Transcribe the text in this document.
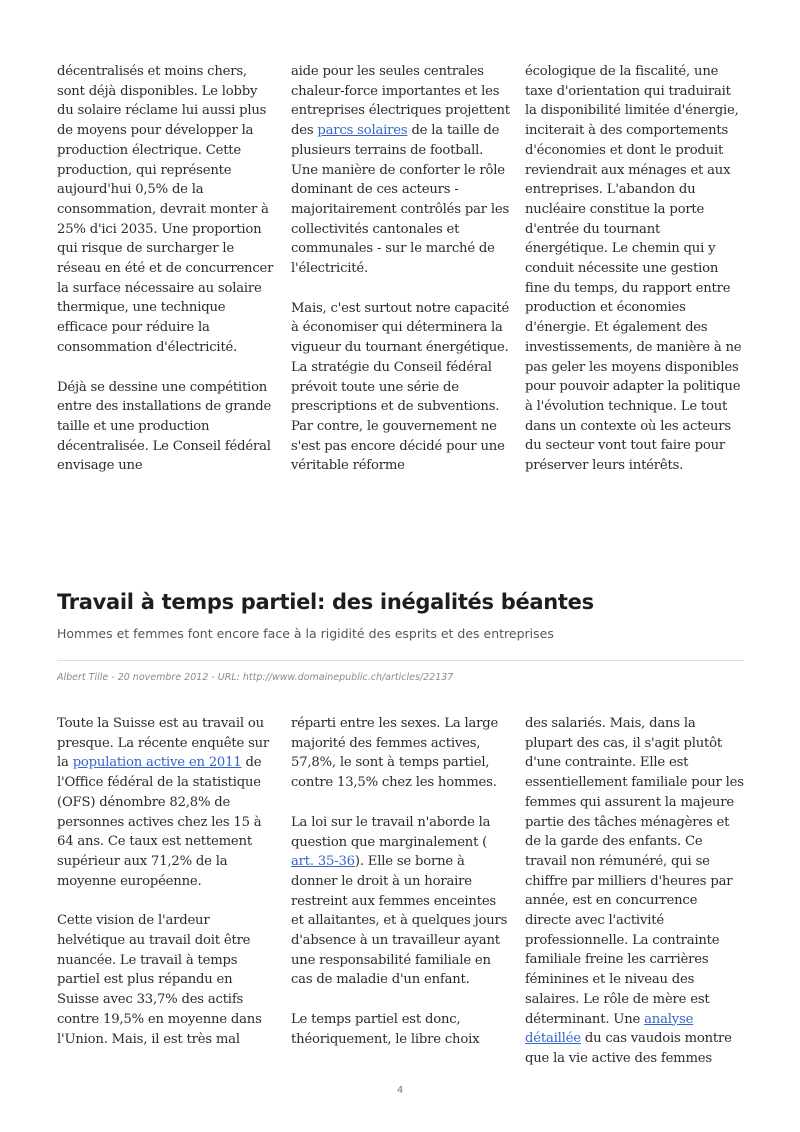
décentralisés et moins chers, sont déjà disponibles. Le lobby du solaire réclame lui aussi plus de moyens pour développer la production électrique. Cette production, qui représente aujourd'hui 0,5% de la consommation, devrait monter à 25% d'ici 2035. Une proportion qui risque de surcharger le réseau en été et de concurrencer la surface nécessaire au solaire thermique, une technique efficace pour réduire la consommation d'électricité.

Déjà se dessine une compétition entre des installations de grande taille et une production décentralisée. Le Conseil fédéral envisage une

aide pour les seules centrales chaleur-force importantes et les entreprises électriques projettent des parcs solaires de la taille de plusieurs terrains de football. Une manière de conforter le rôle dominant de ces acteurs - majoritairement contrôlés par les collectivités cantonales et communales - sur le marché de l'électricité.

Mais, c'est surtout notre capacité à économiser qui déterminera la vigueur du tournant énergétique. La stratégie du Conseil fédéral prévoit toute une série de prescriptions et de subventions. Par contre, le gouvernement ne s'est pas encore décidé pour une véritable réforme

écologique de la fiscalité, une taxe d'orientation qui traduirait la disponibilité limitée d'énergie, inciterait à des comportements d'économies et dont le produit reviendrait aux ménages et aux entreprises. L'abandon du nucléaire constitue la porte d'entrée du tournant énergétique. Le chemin qui y conduit nécessite une gestion fine du temps, du rapport entre production et économies d'énergie. Et également des investissements, de manière à ne pas geler les moyens disponibles pour pouvoir adapter la politique à l'évolution technique. Le tout dans un contexte où les acteurs du secteur vont tout faire pour préserver leurs intérêts.

Travail à temps partiel: des inégalités béantes

Hommes et femmes font encore face à la rigidité des esprits et des entreprises

Albert Tille - 20 novembre 2012 - URL: http://www.domainepublic.ch/articles/22137

Toute la Suisse est au travail ou presque. La récente enquête sur la population active en 2011 de l'Office fédéral de la statistique (OFS) dénombre 82,8% de personnes actives chez les 15 à 64 ans. Ce taux est nettement supérieur aux 71,2% de la moyenne européenne.

Cette vision de l'ardeur helvétique au travail doit être nuancée. Le travail à temps partiel est plus répandu en Suisse avec 33,7% des actifs contre 19,5% en moyenne dans l'Union. Mais, il est très mal

réparti entre les sexes. La large majorité des femmes actives, 57,8%, le sont à temps partiel, contre 13,5% chez les hommes.

La loi sur le travail n'aborde la question que marginalement ( art. 35-36). Elle se borne à donner le droit à un horaire restreint aux femmes enceintes et allaitantes, et à quelques jours d'absence à un travailleur ayant une responsabilité familiale en cas de maladie d'un enfant.

Le temps partiel est donc, théoriquement, le libre choix

des salariés. Mais, dans la plupart des cas, il s'agit plutôt d'une contrainte. Elle est essentiellement familiale pour les femmes qui assurent la majeure partie des tâches ménagères et de la garde des enfants. Ce travail non rémunéré, qui se chiffre par milliers d'heures par année, est en concurrence directe avec l'activité professionnelle. La contrainte familiale freine les carrières féminines et le niveau des salaires. Le rôle de mère est déterminant. Une analyse détaillée du cas vaudois montre que la vie active des femmes

4
